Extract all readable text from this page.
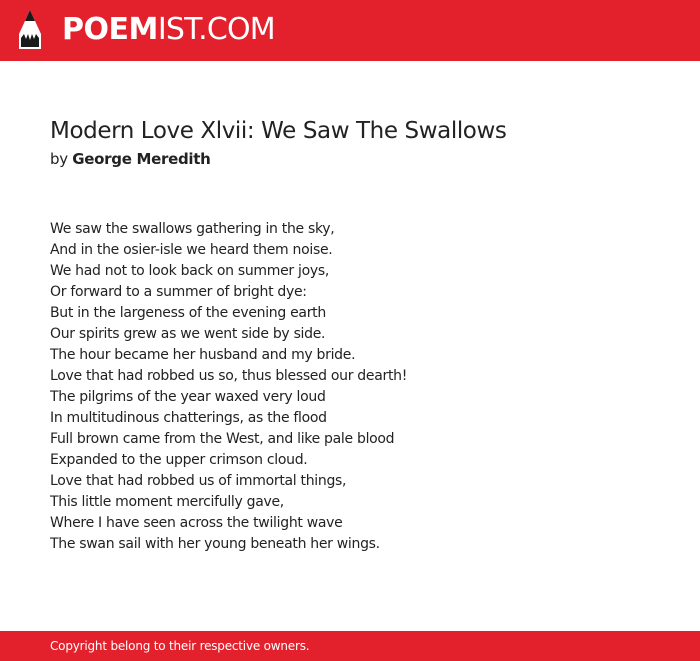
POEMIST.COM
Modern Love Xlvii: We Saw The Swallows
by George Meredith
We saw the swallows gathering in the sky,
And in the osier-isle we heard them noise.
We had not to look back on summer joys,
Or forward to a summer of bright dye:
But in the largeness of the evening earth
Our spirits grew as we went side by side.
The hour became her husband and my bride.
Love that had robbed us so, thus blessed our dearth!
The pilgrims of the year waxed very loud
In multitudinous chatterings, as the flood
Full brown came from the West, and like pale blood
Expanded to the upper crimson cloud.
Love that had robbed us of immortal things,
This little moment mercifully gave,
Where I have seen across the twilight wave
The swan sail with her young beneath her wings.
Copyright belong to their respective owners.
